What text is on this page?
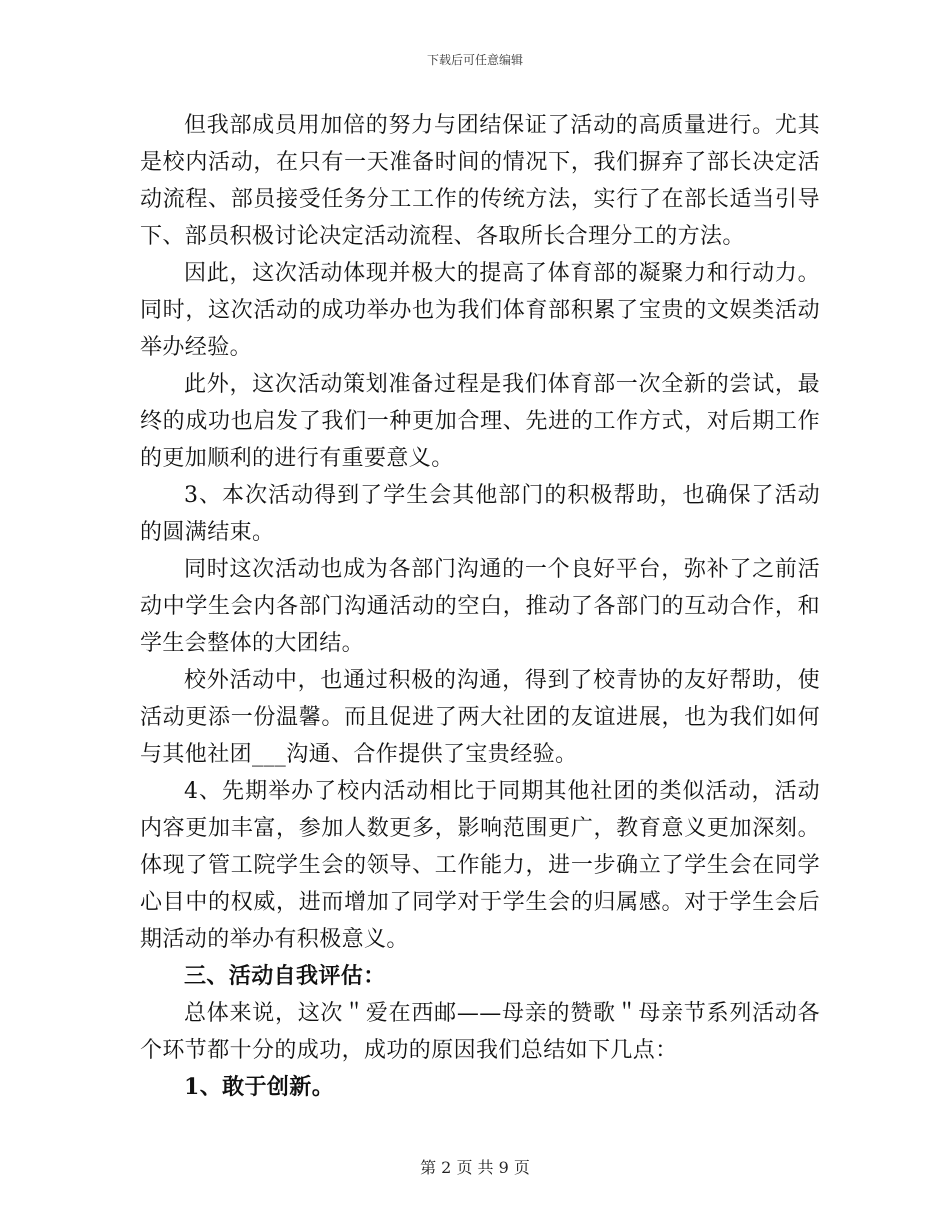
下载后可任意编辑

但我部成员用加倍的努力与团结保证了活动的高质量进行。尤其是校内活动，在只有一天准备时间的情况下，我们摒弃了部长决定活动流程、部员接受任务分工工作的传统方法，实行了在部长适当引导下、部员积极讨论决定活动流程、各取所长合理分工的方法。

因此，这次活动体现并极大的提高了体育部的凝聚力和行动力。同时，这次活动的成功举办也为我们体育部积累了宝贵的文娱类活动举办经验。

此外，这次活动策划准备过程是我们体育部一次全新的尝试，最终的成功也启发了我们一种更加合理、先进的工作方式，对后期工作的更加顺利的进行有重要意义。

3、本次活动得到了学生会其他部门的积极帮助，也确保了活动的圆满结束。

同时这次活动也成为各部门沟通的一个良好平台，弥补了之前活动中学生会内各部门沟通活动的空白，推动了各部门的互动合作，和学生会整体的大团结。

校外活动中，也通过积极的沟通，得到了校青协的友好帮助，使活动更添一份温馨。而且促进了两大社团的友谊进展，也为我们如何与其他社团___沟通、合作提供了宝贵经验。

4、先期举办了校内活动相比于同期其他社团的类似活动，活动内容更加丰富，参加人数更多，影响范围更广，教育意义更加深刻。体现了管工院学生会的领导、工作能力，进一步确立了学生会在同学心目中的权威，进而增加了同学对于学生会的归属感。对于学生会后期活动的举办有积极意义。

三、活动自我评估：

总体来说，这次＂爱在西邮——母亲的赞歌＂母亲节系列活动各个环节都十分的成功，成功的原因我们总结如下几点：

1、敢于创新。

第 2 页 共 9 页
